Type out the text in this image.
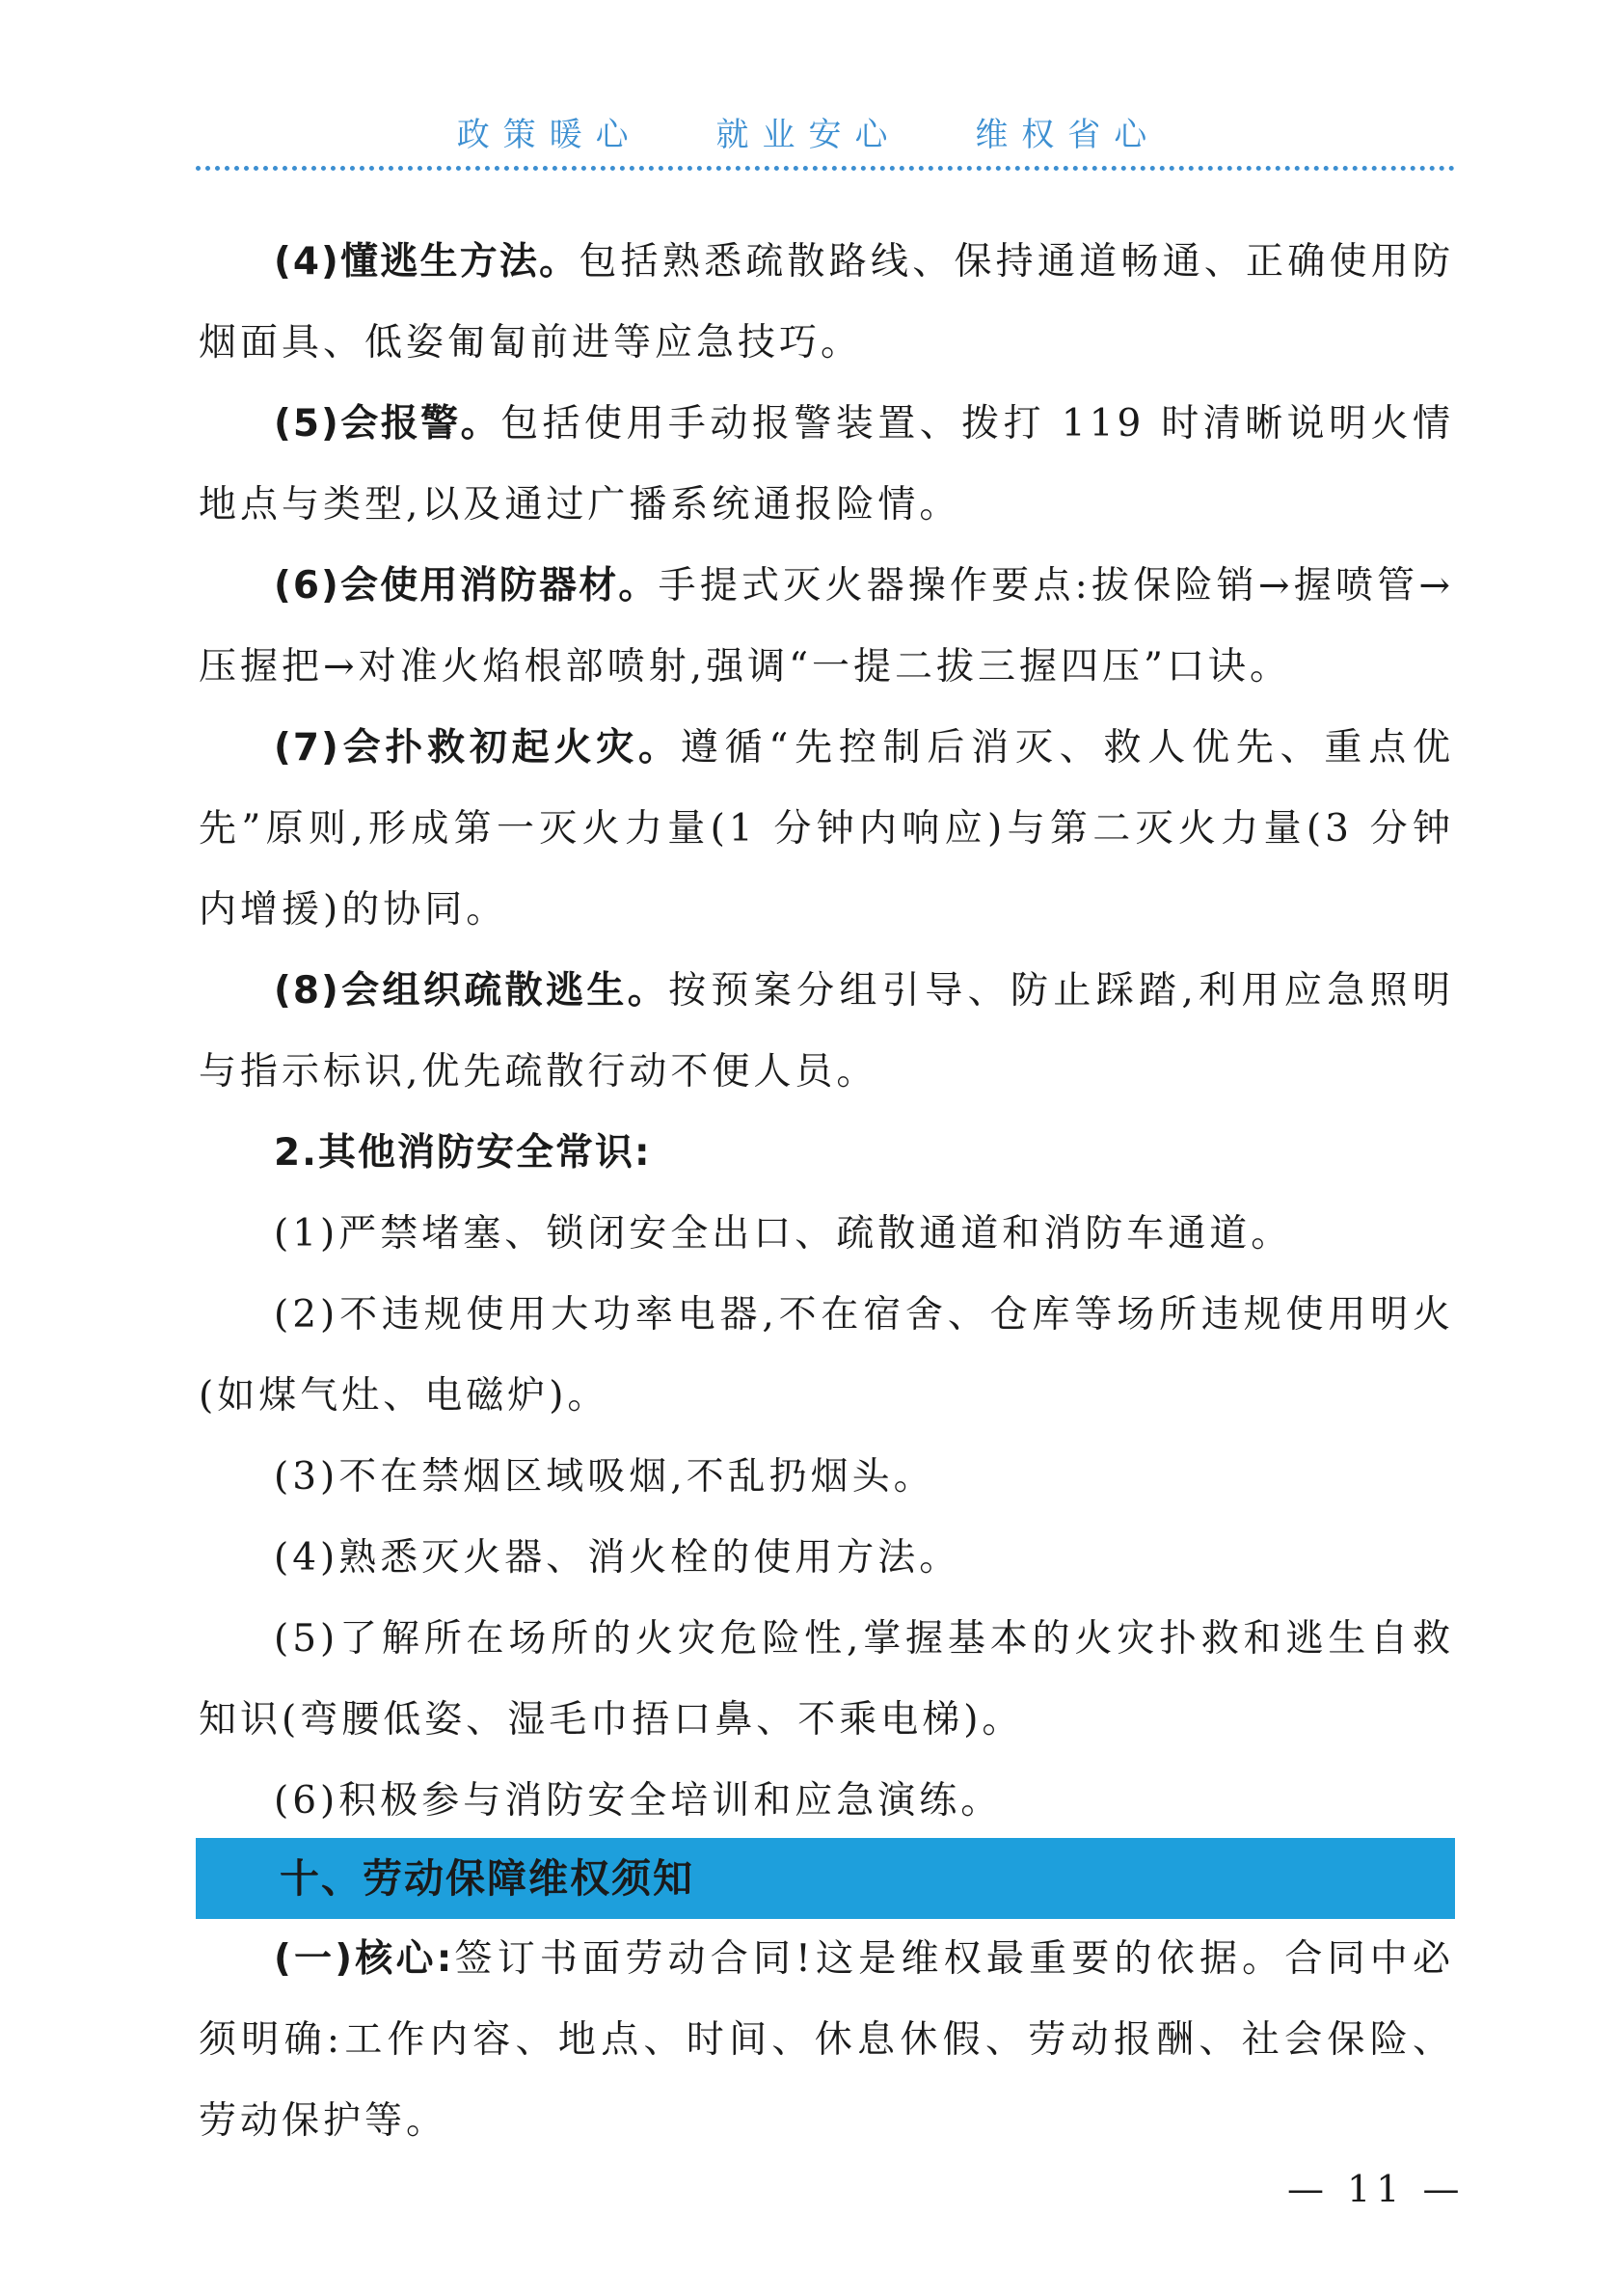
政策暖心 就业安心 维权省心

(4)懂逃生方法。包括熟悉疏散路线、保持通道畅通、正确使用防烟面具、低姿匍匐前进等应急技巧。

(5)会报警。包括使用手动报警装置、拨打 119 时清晰说明火情地点与类型,以及通过广播系统通报险情。

(6)会使用消防器材。手提式灭火器操作要点:拔保险销→握喷管→压握把→对准火焰根部喷射,强调“一提二拔三握四压”口诀。

(7)会扑救初起火灾。遵循“先控制后消灭、救人优先、重点优先”原则,形成第一灭火力量(1 分钟内响应)与第二灭火力量(3 分钟内增援)的协同。

(8)会组织疏散逃生。按预案分组引导、防止踩踏,利用应急照明与指示标识,优先疏散行动不便人员。

2.其他消防安全常识:

(1)严禁堵塞、锁闭安全出口、疏散通道和消防车通道。

(2)不违规使用大功率电器,不在宿舍、仓库等场所违规使用明火(如煤气灶、电磁炉)。

(3)不在禁烟区域吸烟,不乱扔烟头。

(4)熟悉灭火器、消火栓的使用方法。

(5)了解所在场所的火灾危险性,掌握基本的火灾扑救和逃生自救知识(弯腰低姿、湿毛巾捂口鼻、不乘电梯)。

(6)积极参与消防安全培训和应急演练。

十、劳动保障维权须知

(一)核心:签订书面劳动合同!这是维权最重要的依据。合同中必须明确:工作内容、地点、时间、休息休假、劳动报酬、社会保险、劳动保护等。

— 11 —
